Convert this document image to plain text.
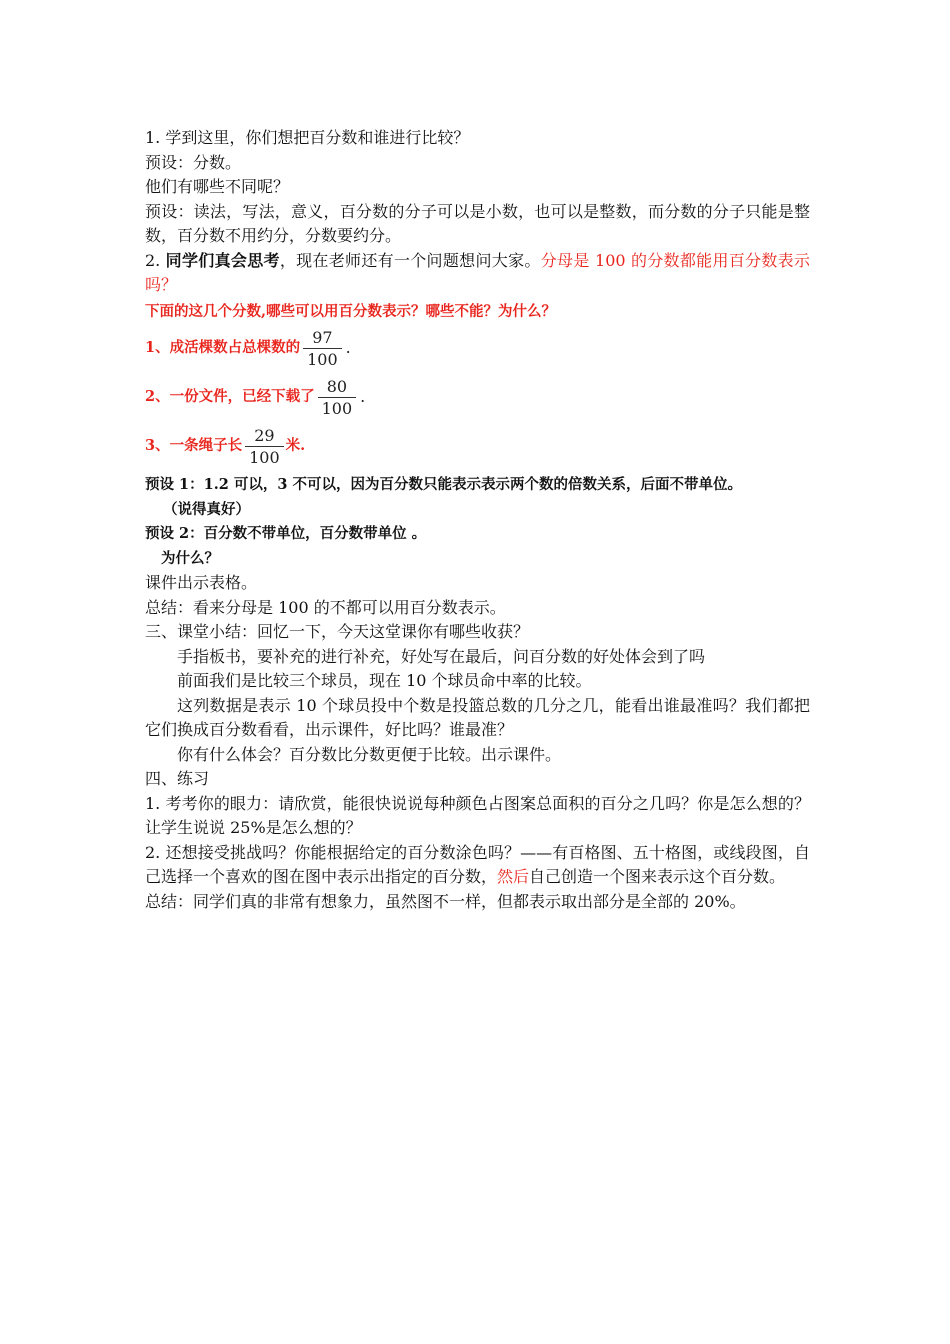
1. 学到这里，你们想把百分数和谁进行比较？

预设：分数。

他们有哪些不同呢？

预设：读法，写法，意义，百分数的分子可以是小数，也可以是整数，而分数的分子只能是整数，百分数不用约分，分数要约分。

2. 同学们真会思考，现在老师还有一个问题想问大家。分母是 100 的分数都能用百分数表示吗？

下面的这几个分数,哪些可以用百分数表示？哪些不能？为什么？

1、成活棵数占总棵数的 $\frac{97}{100}$ .
2、一份文件，已经下载了 $\frac{80}{100}$ .
3、一条绳子长 $\frac{29}{100}$ 米.

预设 1：1.2 可以，3 不可以，因为百分数只能表示表示两个数的倍数关系，后面不带单位。

（说得真好）

预设 2：百分数不带单位，百分数带单位 。

为什么？

课件出示表格。

总结：看来分母是 100 的不都可以用百分数表示。

三、课堂小结：回忆一下，今天这堂课你有哪些收获？

手指板书，要补充的进行补充，好处写在最后，问百分数的好处体会到了吗

前面我们是比较三个球员，现在 10 个球员命中率的比较。

这列数据是表示 10 个球员投中个数是投篮总数的几分之几，能看出谁最准吗？我们都把它们换成百分数看看，出示课件，好比吗？谁最准？

你有什么体会？百分数比分数更便于比较。出示课件。

四、练习

1. 考考你的眼力：请欣赏，能很快说说每种颜色占图案总面积的百分之几吗？你是怎么想的？ 让学生说说 25%是怎么想的？

2. 还想接受挑战吗？你能根据给定的百分数涂色吗？——有百格图、五十格图，或线段图，自己选择一个喜欢的图在图中表示出指定的百分数，然后自己创造一个图来表示这个百分数。

总结：同学们真的非常有想象力，虽然图不一样，但都表示取出部分是全部的 20%。
